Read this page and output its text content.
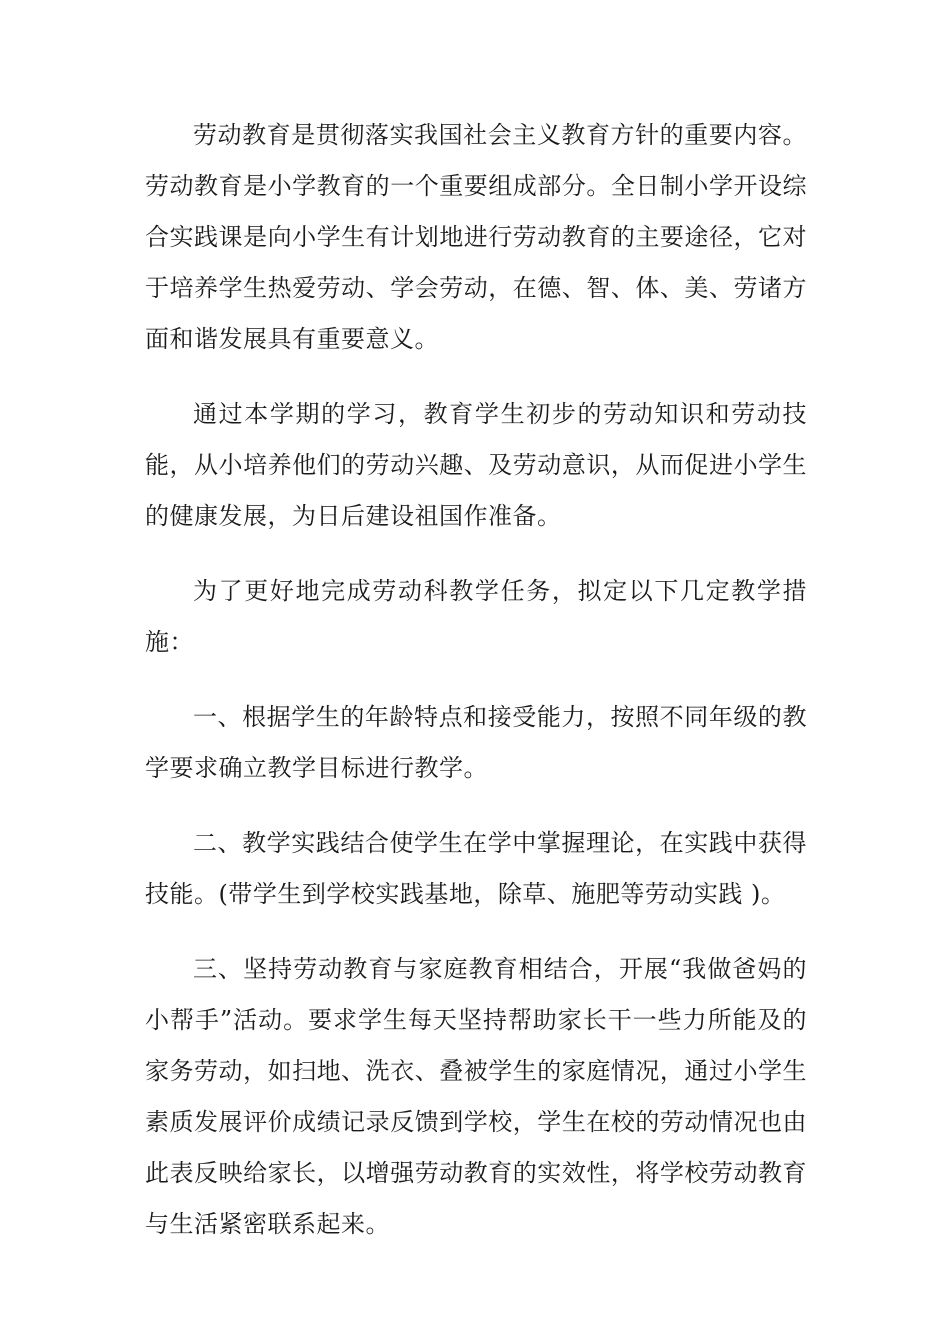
劳动教育是贯彻落实我国社会主义教育方针的重要内容。劳动教育是小学教育的一个重要组成部分。全日制小学开设综合实践课是向小学生有计划地进行劳动教育的主要途径，它对于培养学生热爱劳动、学会劳动，在德、智、体、美、劳诸方面和谐发展具有重要意义。

通过本学期的学习，教育学生初步的劳动知识和劳动技能，从小培养他们的劳动兴趣、及劳动意识，从而促进小学生的健康发展，为日后建设祖国作准备。

为了更好地完成劳动科教学任务，拟定以下几定教学措施：

一、根据学生的年龄特点和接受能力，按照不同年级的教学要求确立教学目标进行教学。

二、教学实践结合使学生在学中掌握理论，在实践中获得技能。(带学生到学校实践基地，除草、施肥等劳动实践 )。

三、坚持劳动教育与家庭教育相结合，开展“我做爸妈的小帮手”活动。要求学生每天坚持帮助家长干一些力所能及的家务劳动，如扫地、洗衣、叠被学生的家庭情况，通过小学生素质发展评价成绩记录反馈到学校，学生在校的劳动情况也由此表反映给家长，以增强劳动教育的实效性，将学校劳动教育与生活紧密联系起来。
